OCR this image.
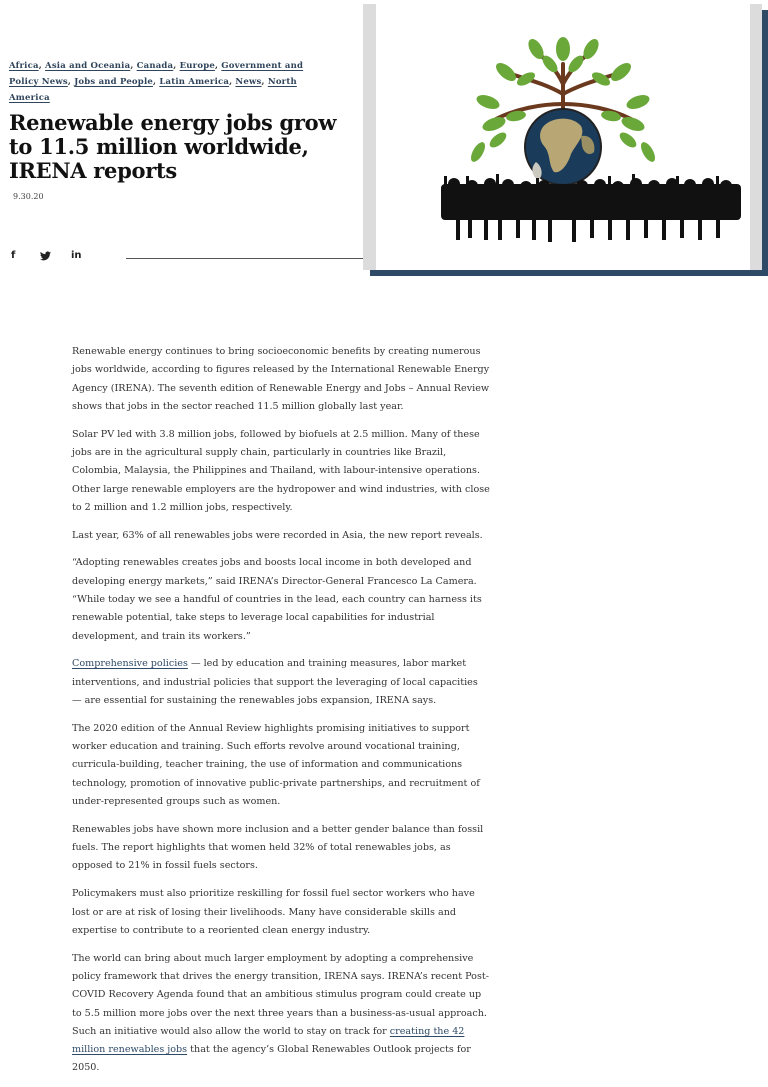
Africa, Asia and Oceania, Canada, Europe, Government and Policy News, Jobs and People, Latin America, News, North America
Renewable energy jobs grow to 11.5 million worldwide, IRENA reports
9.30.20
f	in

Renewable energy continues to bring socioeconomic benefits by creating numerous jobs worldwide, according to figures released by the International Renewable Energy Agency (IRENA). The seventh edition of Renewable Energy and Jobs – Annual Review shows that jobs in the sector reached 11.5 million globally last year.

Solar PV led with 3.8 million jobs, followed by biofuels at 2.5 million. Many of these jobs are in the agricultural supply chain, particularly in countries like Brazil, Colombia, Malaysia, the Philippines and Thailand, with labour-intensive operations. Other large renewable employers are the hydropower and wind industries, with close to 2 million and 1.2 million jobs, respectively.

Last year, 63% of all renewables jobs were recorded in Asia, the new report reveals.

“Adopting renewables creates jobs and boosts local income in both developed and developing energy markets,” said IRENA’s Director-General Francesco La Camera. “While today we see a handful of countries in the lead, each country can harness its renewable potential, take steps to leverage local capabilities for industrial development, and train its workers.”

Comprehensive policies — led by education and training measures, labor market interventions, and industrial policies that support the leveraging of local capacities — are essential for sustaining the renewables jobs expansion, IRENA says.

The 2020 edition of the Annual Review highlights promising initiatives to support worker education and training. Such efforts revolve around vocational training, curricula-building, teacher training, the use of information and communications technology, promotion of innovative public-private partnerships, and recruitment of under-represented groups such as women.

Renewables jobs have shown more inclusion and a better gender balance than fossil fuels. The report highlights that women held 32% of total renewables jobs, as opposed to 21% in fossil fuels sectors.

Policymakers must also prioritize reskilling for fossil fuel sector workers who have lost or are at risk of losing their livelihoods. Many have considerable skills and expertise to contribute to a reoriented clean energy industry.

The world can bring about much larger employment by adopting a comprehensive policy framework that drives the energy transition, IRENA says. IRENA’s recent Post-COVID Recovery Agenda found that an ambitious stimulus program could create up to 5.5 million more jobs over the next three years than a business-as-usual approach. Such an initiative would also allow the world to stay on track for creating the 42 million renewables jobs that the agency’s Global Renewables Outlook projects for 2050.
